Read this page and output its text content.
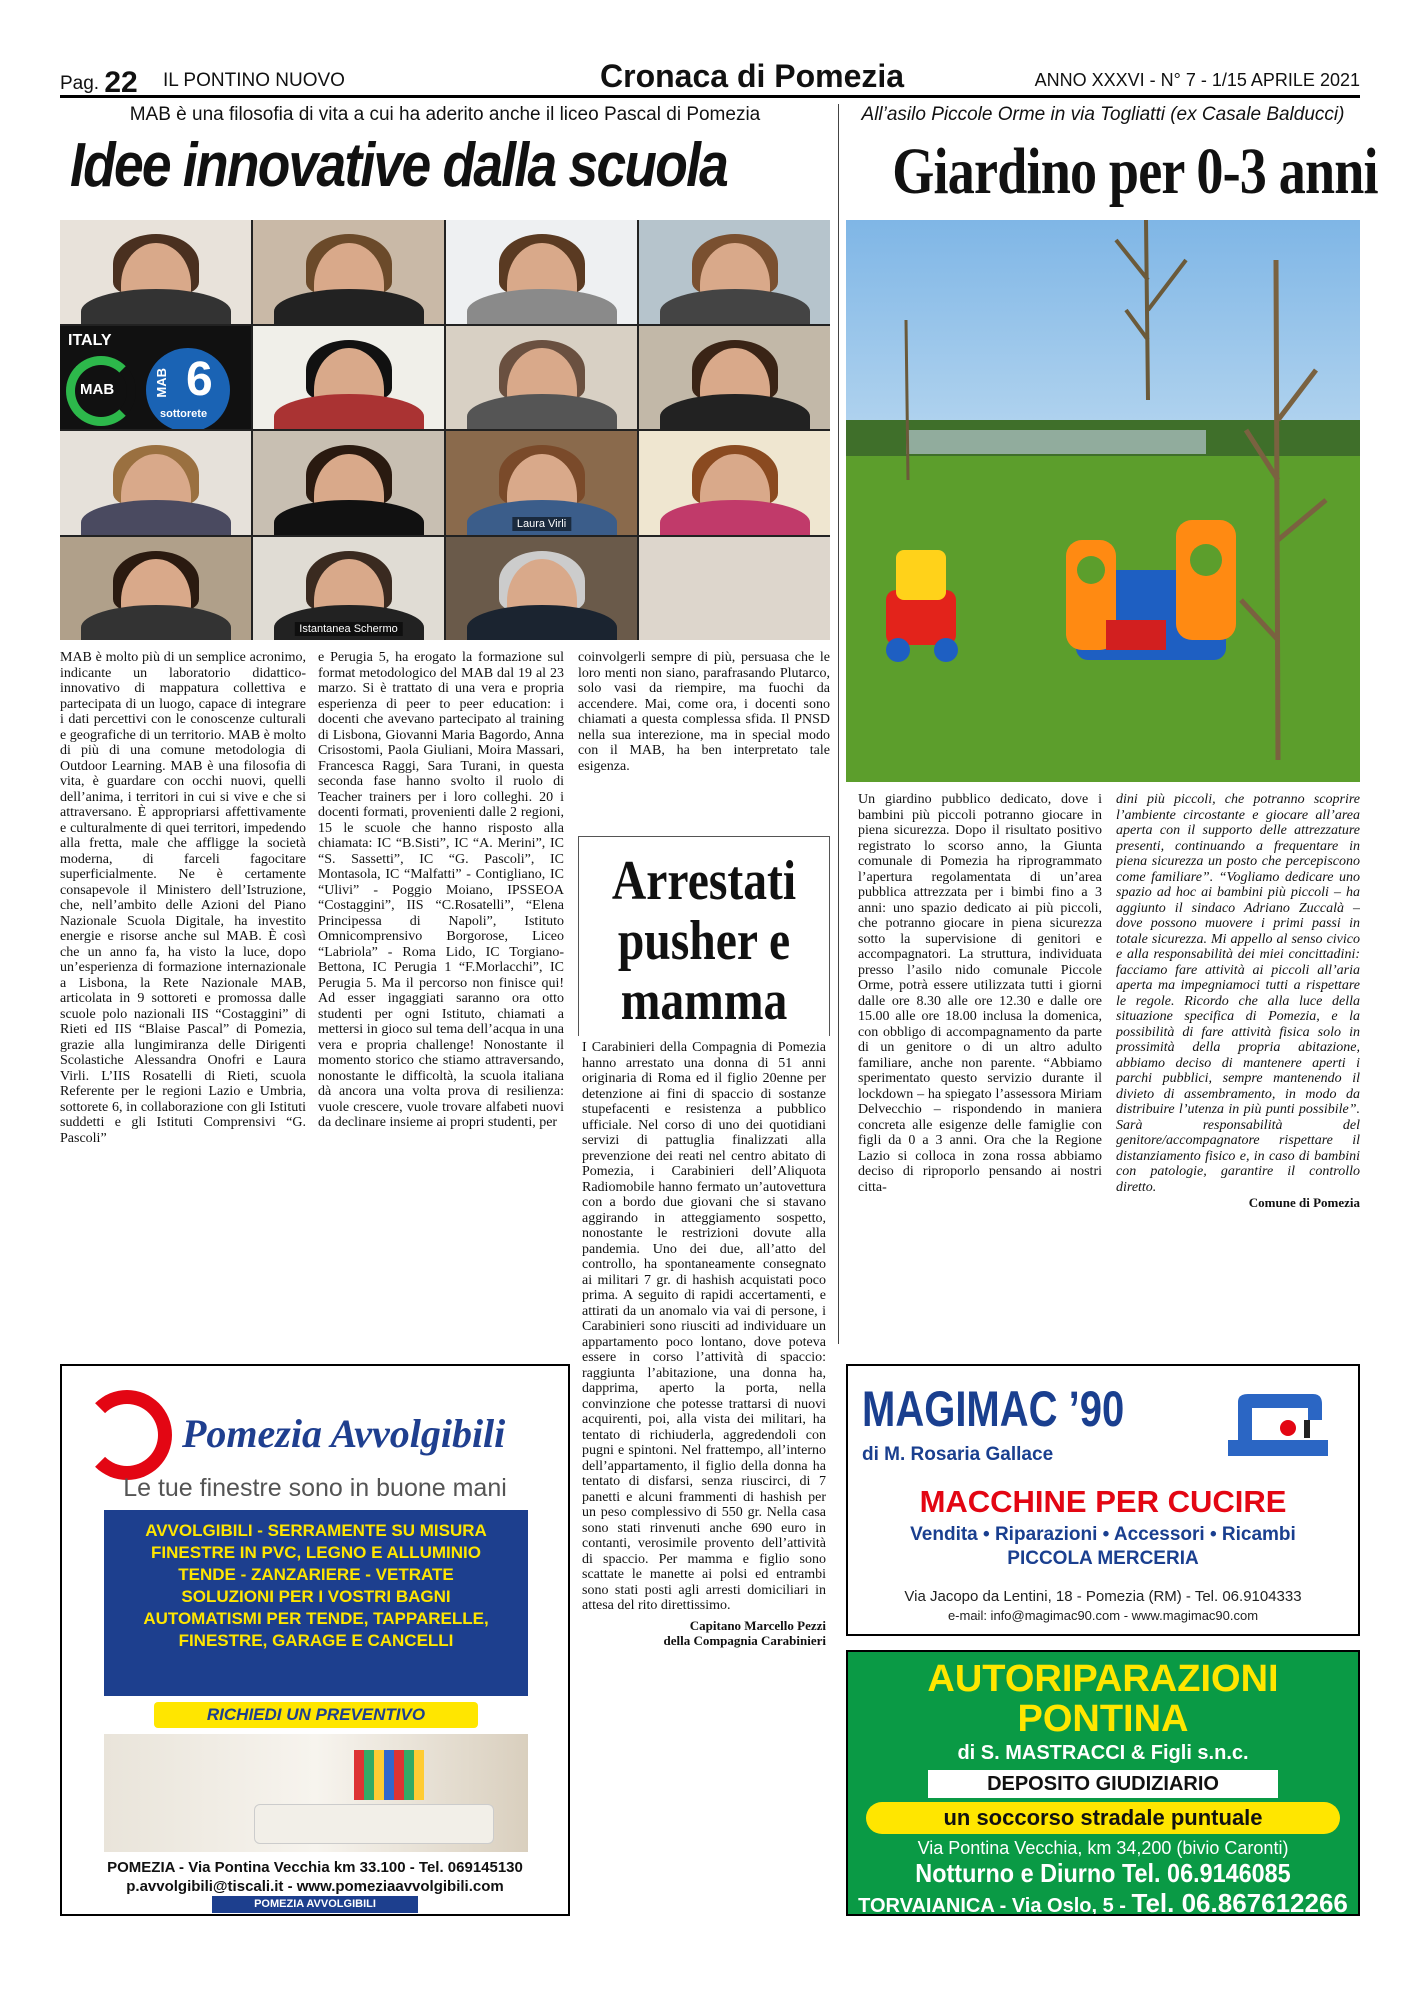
Pag. 22 IL PONTINO NUOVO	Cronaca di Pomezia	ANNO XXXVI - N° 7 - 1/15 APRILE 2021
MAB è una filosofia di vita a cui ha aderito anche il liceo Pascal di Pomezia
Idee innovative dalla scuola
ITALY
MAB	MAB 6
sottorete
Laura Virli
Istantanea Schermo
MAB è molto più di un semplice acronimo, indicante un laboratorio didattico-innovativo di mappatura collettiva e partecipata di un luogo, capace di integrare i dati percettivi con le conoscenze culturali e geografiche di un territorio. MAB è molto di più di una comune metodologia di Outdoor Learning. MAB è una filosofia di vita, è guardare con occhi nuovi, quelli dell’anima, i territori in cui si vive e che si attraversano. È appropriarsi affettivamente e culturalmente di quei territori, impedendo alla fretta, male che affligge la società moderna, di farceli fagocitare superficialmente. Ne è certamente consapevole il Ministero dell’Istruzione, che, nell’ambito delle Azioni del Piano Nazionale Scuola Digitale, ha investito energie e risorse anche sul MAB. È così che un anno fa, ha visto la luce, dopo un’esperienza di formazione internazionale a Lisbona, la Rete Nazionale MAB, articolata in 9 sottoreti e promossa dalle scuole polo nazionali IIS “Costaggini” di Rieti ed IIS “Blaise Pascal” di Pomezia, grazie alla lungimiranza delle Dirigenti Scolastiche Alessandra Onofri e Laura Virli. L’IIS Rosatelli di Rieti, scuola Referente per le regioni Lazio e Umbria, sottorete 6, in collaborazione con gli Istituti suddetti e gli Istituti Comprensivi “G. Pascoli”
e Perugia 5, ha erogato la formazione sul format metodologico del MAB dal 19 al 23 marzo. Si è trattato di una vera e propria esperienza di peer to peer education: i docenti che avevano partecipato al training di Lisbona, Giovanni Maria Bagordo, Anna Crisostomi, Paola Giuliani, Moira Massari, Francesca Raggi, Sara Turani, in questa seconda fase hanno svolto il ruolo di Teacher trainers per i loro colleghi. 20 i docenti formati, provenienti dalle 2 regioni, 15 le scuole che hanno risposto alla chiamata: IC “B.Sisti”, IC “A. Merini”, IC “S. Sassetti”, IC “G. Pascoli”, IC Montasola, IC “Malfatti” - Contigliano, IC “Ulivi” - Poggio Moiano, IPSSEOA “Costaggini”, IIS “C.Rosatelli”, “Elena Principessa di Napoli”, Istituto Omnicomprensivo Borgorose, Liceo “Labriola” - Roma Lido, IC Torgiano-Bettona, IC Perugia 1 “F.Morlacchi”, IC Perugia 5. Ma il percorso non finisce qui! Ad esser ingaggiati saranno ora otto studenti per ogni Istituto, chiamati a mettersi in gioco sul tema dell’acqua in una vera e propria challenge! Nonostante il momento storico che stiamo attraversando, nonostante le difficoltà, la scuola italiana dà ancora una volta prova di resilienza: vuole crescere, vuole trovare alfabeti nuovi da declinare insieme ai propri studenti, per
coinvolgerli sempre di più, persuasa che le loro menti non siano, parafrasando Plutarco, solo vasi da riempire, ma fuochi da accendere. Mai, come ora, i docenti sono chiamati a questa complessa sfida. Il PNSD nella sua interezione, ma in special modo con il MAB, ha ben interpretato tale esigenza.
Arrestati pusher e mamma

I Carabinieri della Compagnia di Pomezia hanno arrestato una donna di 51 anni originaria di Roma ed il figlio 20enne per detenzione ai fini di spaccio di sostanze stupefacenti e resistenza a pubblico ufficiale. Nel corso di uno dei quotidiani servizi di pattuglia finalizzati alla prevenzione dei reati nel centro abitato di Pomezia, i Carabinieri dell’Aliquota Radiomobile hanno fermato un’autovettura con a bordo due giovani che si stavano aggirando in atteggiamento sospetto, nonostante le restrizioni dovute alla pandemia. Uno dei due, all’atto del controllo, ha spontaneamente consegnato ai militari 7 gr. di hashish acquistati poco prima. A seguito di rapidi accertamenti, e attirati da un anomalo via vai di persone, i Carabinieri sono riusciti ad individuare un appartamento poco lontano, dove poteva essere in corso l’attività di spaccio: raggiunta l’abitazione, una donna ha, dapprima, aperto la porta, nella convinzione che potesse trattarsi di nuovi acquirenti, poi, alla vista dei militari, ha tentato di richiuderla, aggredendoli con pugni e spintoni. Nel frattempo, all’interno dell’appartamento, il figlio della donna ha tentato di disfarsi, senza riuscirci, di 7 panetti e alcuni frammenti di hashish per un peso complessivo di 550 gr. Nella casa sono stati rinvenuti anche 690 euro in contanti, verosimile provento dell’attività di spaccio. Per mamma e figlio sono scattate le manette ai polsi ed entrambi sono stati posti agli arresti domiciliari in attesa del rito direttissimo.

Capitano Marcello Pezzi

della Compagnia Carabinieri

All’asilo Piccole Orme in via Togliatti (ex Casale Balducci)
Giardino per 0-3 anni
Un giardino pubblico dedicato, dove i bambini più piccoli potranno giocare in piena sicurezza. Dopo il risultato positivo registrato lo scorso anno, la Giunta comunale di Pomezia ha riprogrammato l’apertura regolamentata di un’area pubblica attrezzata per i bimbi fino a 3 anni: uno spazio dedicato ai più piccoli, che potranno giocare in piena sicurezza sotto la supervisione di genitori e accompagnatori. La struttura, individuata presso l’asilo nido comunale Piccole Orme, potrà essere utilizzata tutti i giorni dalle ore 8.30 alle ore 12.30 e dalle ore 15.00 alle ore 18.00 inclusa la domenica, con obbligo di accompagnamento da parte di un genitore o di un altro adulto familiare, anche non parente. “Abbiamo sperimentato questo servizio durante il lockdown – ha spiegato l’assessora Miriam Delvecchio – rispondendo in maniera concreta alle esigenze delle famiglie con figli da 0 a 3 anni. Ora che la Regione Lazio si colloca in zona rossa abbiamo deciso di riproporlo pensando ai nostri citta-

dini più piccoli, che potranno scoprire l’ambiente circostante e giocare all’area aperta con il supporto delle attrezzature presenti, continuando a frequentare in piena sicurezza un posto che percepiscono come familiare”. “Vogliamo dedicare uno spazio ad hoc ai bambini più piccoli – ha aggiunto il sindaco Adriano Zuccalà – dove possono muovere i primi passi in totale sicurezza. Mi appello al senso civico e alla responsabilità dei miei concittadini: facciamo fare attività ai piccoli all’aria aperta ma impegniamoci tutti a rispettare le regole. Ricordo che alla luce della situazione specifica di Pomezia, e la possibilità di fare attività fisica solo in prossimità della propria abitazione, abbiamo deciso di mantenere aperti i parchi pubblici, sempre mantenendo il divieto di assembramento, in modo da distribuire l’utenza in più punti possibile”. Sarà responsabilità del genitore/accompagnatore rispettare il distanziamento fisico e, in caso di bambini con patologie, garantire il controllo diretto.

Comune di Pomezia

Pomezia Avvolgibili
Le tue finestre sono in buone mani
AVVOLGIBILI - SERRAMENTE SU MISURA
FINESTRE IN PVC, LEGNO E ALLUMINIO
TENDE - ZANZARIERE - VETRATE
SOLUZIONI PER I VOSTRI BAGNI
AUTOMATISMI PER TENDE, TAPPARELLE,
FINESTRE, GARAGE E CANCELLI
RICHIEDI UN PREVENTIVO
POMEZIA - Via Pontina Vecchia km 33.100 - Tel. 069145130
p.avvolgibili@tiscali.it - www.pomeziaavvolgibili.com
POMEZIA AVVOLGIBILI
MAGIMAC ’90
di M. Rosaria Gallace
MACCHINE PER CUCIRE
Vendita • Riparazioni • Accessori • Ricambi
PICCOLA MERCERIA
Via Jacopo da Lentini, 18 - Pomezia (RM) - Tel. 06.9104333
e-mail: info@magimac90.com - www.magimac90.com
AUTORIPARAZIONI
PONTINA
di S. MASTRACCI & Figli s.n.c.
DEPOSITO GIUDIZIARIO
un soccorso stradale puntuale
Via Pontina Vecchia, km 34,200 (bivio Caronti)
Notturno e Diurno Tel. 06.9146085
TORVAIANICA - Via Oslo, 5 - Tel. 06.867612266
